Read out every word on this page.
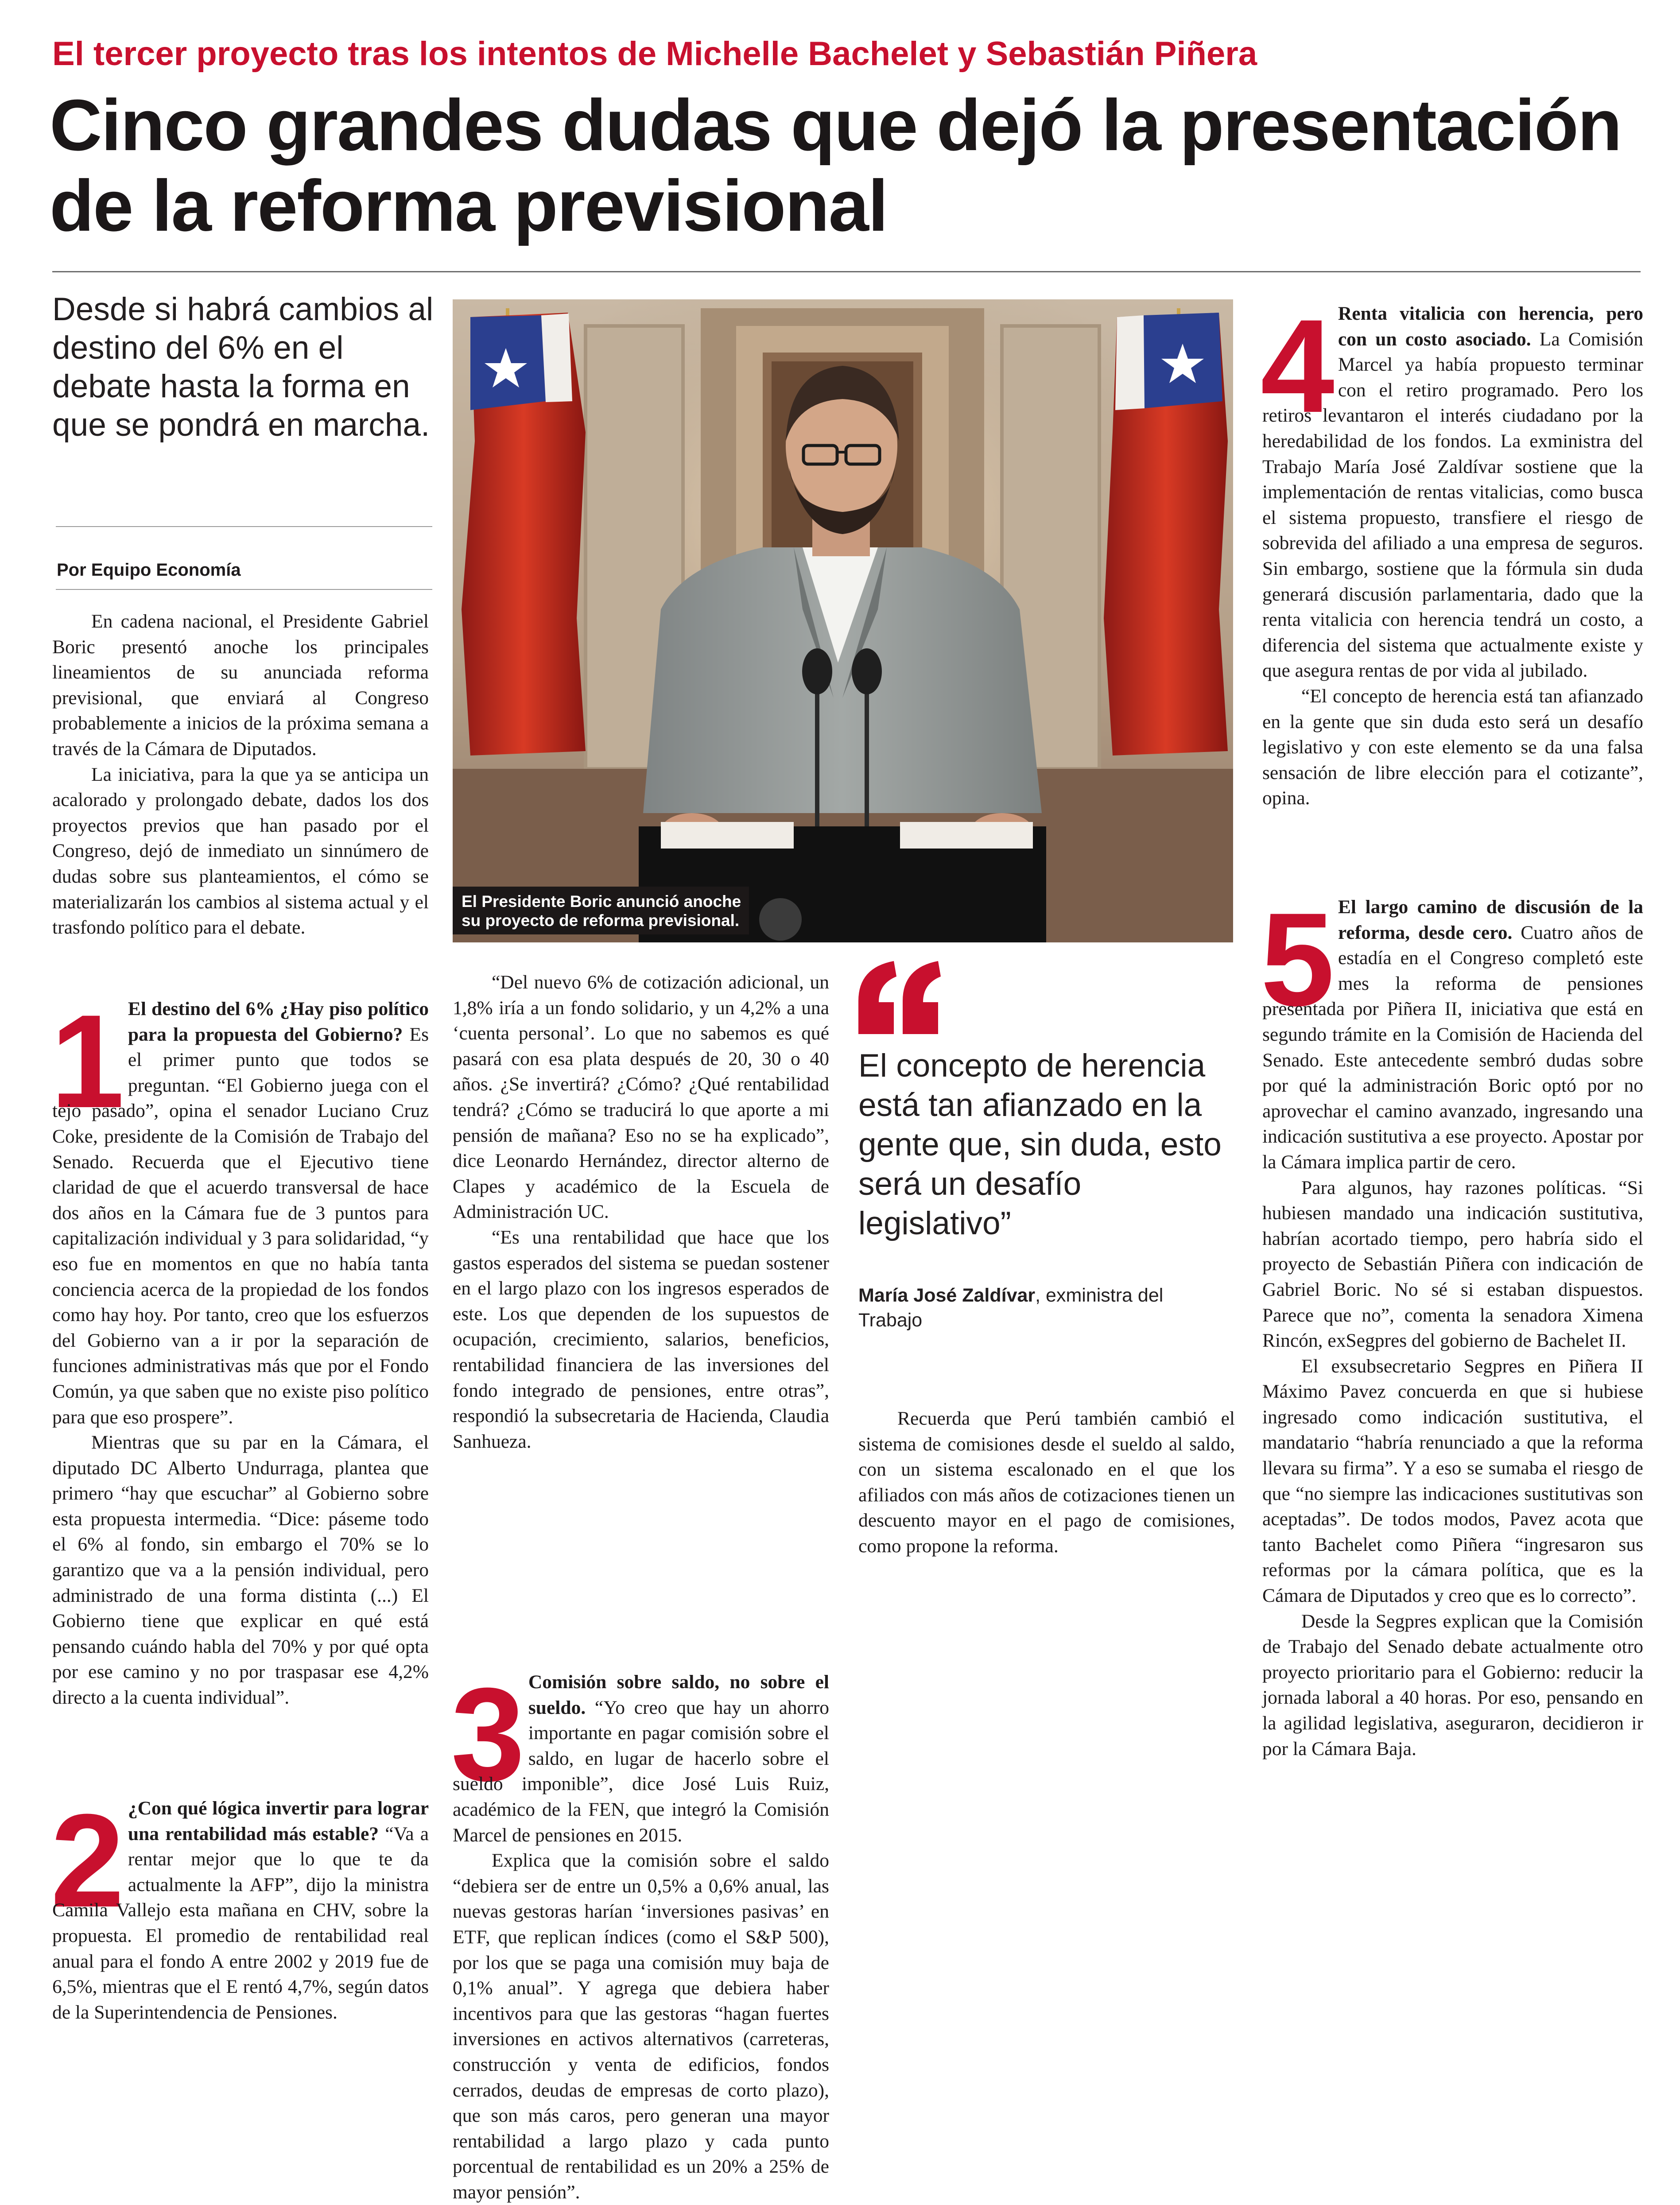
El tercer proyecto tras los intentos de Michelle Bachelet y Sebastián Piñera
Cinco grandes dudas que dejó la presentación de la reforma previsional
Desde si habrá cambios al destino del 6% en el debate hasta la forma en que se pondrá en marcha.
Por Equipo Economía

En cadena nacional, el Presidente Gabriel Boric presentó anoche los principales lineamientos de su anunciada reforma previsional, que enviará al Congreso probablemente a inicios de la próxima semana a través de la Cámara de Diputados.

La iniciativa, para la que ya se anticipa un acalorado y prolongado debate, dados los dos proyectos previos que han pasado por el Congreso, dejó de inmediato un sinnúmero de dudas sobre sus planteamientos, el cómo se materializarán los cambios al sistema actual y el trasfondo político para el debate.

1 El destino del 6% ¿Hay piso político para la propuesta del Gobierno? Es el primer punto que todos se preguntan. “El Gobierno juega con el tejo pasado”, opina el senador Luciano Cruz Coke, presidente de la Comisión de Trabajo del Senado. Recuerda que el Ejecutivo tiene claridad de que el acuerdo transversal de hace dos años en la Cámara fue de 3 puntos para capitalización individual y 3 para solidaridad, “y eso fue en momentos en que no había tanta conciencia acerca de la propiedad de los fondos como hay hoy. Por tanto, creo que los esfuerzos del Gobierno van a ir por la separación de funciones administrativas más que por el Fondo Común, ya que saben que no existe piso político para que eso prospere”.

Mientras que su par en la Cámara, el diputado DC Alberto Undurraga, plantea que primero “hay que escuchar” al Gobierno sobre esta propuesta intermedia. “Dice: páseme todo el 6% al fondo, sin embargo el 70% se lo garantizo que va a la pensión individual, pero administrado de una forma distinta (...) El Gobierno tiene que explicar en qué está pensando cuándo habla del 70% y por qué opta por ese camino y no por traspasar ese 4,2% directo a la cuenta individual”.

2 ¿Con qué lógica invertir para lograr una rentabilidad más estable? “Va a rentar mejor que lo que te da actualmente la AFP”, dijo la ministra Camila Vallejo esta mañana en CHV, sobre la propuesta. El promedio de rentabilidad real anual para el fondo A entre 2002 y 2019 fue de 6,5%, mientras que el E rentó 4,7%, según datos de la Superintendencia de Pensiones.

El Presidente Boric anunció anoche
su proyecto de reforma previsional.

“Del nuevo 6% de cotización adicional, un 1,8% iría a un fondo solidario, y un 4,2% a una ‘cuenta personal’. Lo que no sabemos es qué pasará con esa plata después de 20, 30 o 40 años. ¿Se invertirá? ¿Cómo? ¿Qué rentabilidad tendrá? ¿Cómo se traducirá lo que aporte a mi pensión de mañana? Eso no se ha explicado”, dice Leonardo Hernández, director alterno de Clapes y académico de la Escuela de Administración UC.

“Es una rentabilidad que hace que los gastos esperados del sistema se puedan sostener en el largo plazo con los ingresos esperados de este. Los que dependen de los supuestos de ocupación, crecimiento, salarios, beneficios, rentabilidad financiera de las inversiones del fondo integrado de pensiones, entre otras”, respondió la subsecretaria de Hacienda, Claudia Sanhueza.

3 Comisión sobre saldo, no sobre el sueldo. “Yo creo que hay un ahorro importante en pagar comisión sobre el saldo, en lugar de hacerlo sobre el sueldo imponible”, dice José Luis Ruiz, académico de la FEN, que integró la Comisión Marcel de pensiones en 2015.

Explica que la comisión sobre el saldo “debiera ser de entre un 0,5% a 0,6% anual, las nuevas gestoras harían ‘inversiones pasivas’ en ETF, que replican índices (como el S&P 500), por los que se paga una comisión muy baja de 0,1% anual”. Y agrega que debiera haber incentivos para que las gestoras “hagan fuertes inversiones en activos alternativos (carreteras, construcción y venta de edificios, fondos cerrados, deudas de empresas de corto plazo), que son más caros, pero generan una mayor rentabilidad a largo plazo y cada punto porcentual de rentabilidad es un 20% a 25% de mayor pensión”.

El concepto de herencia está tan afianzado en la gente que, sin duda, esto será un desafío legislativo”
María José Zaldívar, exministra del Trabajo

Recuerda que Perú también cambió el sistema de comisiones desde el sueldo al saldo, con un sistema escalonado en el que los afiliados con más años de cotizaciones tienen un descuento mayor en el pago de comisiones, como propone la reforma.

4 Renta vitalicia con herencia, pero con un costo asociado. La Comisión Marcel ya había propuesto terminar con el retiro programado. Pero los retiros levantaron el interés ciudadano por la heredabilidad de los fondos. La exministra del Trabajo María José Zaldívar sostiene que la implementación de rentas vitalicias, como busca el sistema propuesto, transfiere el riesgo de sobrevida del afiliado a una empresa de seguros. Sin embargo, sostiene que la fórmula sin duda generará discusión parlamentaria, dado que la renta vitalicia con herencia tendrá un costo, a diferencia del sistema que actualmente existe y que asegura rentas de por vida al jubilado.

“El concepto de herencia está tan afianzado en la gente que sin duda esto será un desafío legislativo y con este elemento se da una falsa sensación de libre elección para el cotizante”, opina.

5 El largo camino de discusión de la reforma, desde cero. Cuatro años de estadía en el Congreso completó este mes la reforma de pensiones presentada por Piñera II, iniciativa que está en segundo trámite en la Comisión de Hacienda del Senado. Este antecedente sembró dudas sobre por qué la administración Boric optó por no aprovechar el camino avanzado, ingresando una indicación sustitutiva a ese proyecto. Apostar por la Cámara implica partir de cero.

Para algunos, hay razones políticas. “Si hubiesen mandado una indicación sustitutiva, habrían acortado tiempo, pero habría sido el proyecto de Sebastián Piñera con indicación de Gabriel Boric. No sé si estaban dispuestos. Parece que no”, comenta la senadora Ximena Rincón, exSegpres del gobierno de Bachelet II.

El exsubsecretario Segpres en Piñera II Máximo Pavez concuerda en que si hubiese ingresado como indicación sustitutiva, el mandatario “habría renunciado a que la reforma llevara su firma”. Y a eso se sumaba el riesgo de que “no siempre las indicaciones sustitutivas son aceptadas”. De todos modos, Pavez acota que tanto Bachelet como Piñera “ingresaron sus reformas por la cámara política, que es la Cámara de Diputados y creo que es lo correcto”.

Desde la Segpres explican que la Comisión de Trabajo del Senado debate actualmente otro proyecto prioritario para el Gobierno: reducir la jornada laboral a 40 horas. Por eso, pensando en la agilidad legislativa, aseguraron, decidieron ir por la Cámara Baja.
